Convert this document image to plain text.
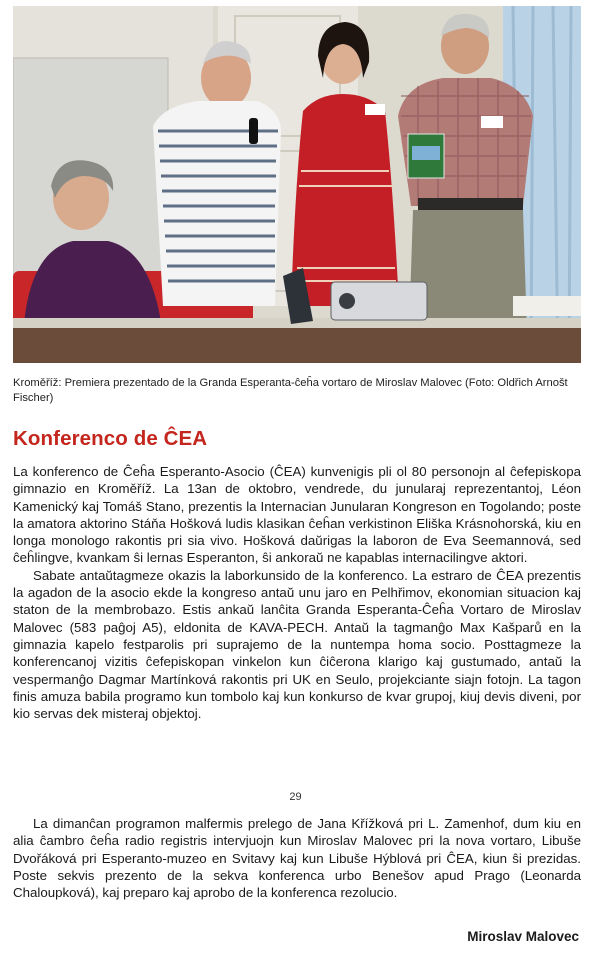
Kroměříž: Premiera prezentado de la Granda Esperanta-ĉeĥa vortaro de Miroslav Malovec (Foto: Oldřich Arnošt Fischer)
Konferenco de ĈEA

La konferenco de Ĉeĥa Esperanto-Asocio (ĈEA) kunvenigis pli ol 80 personojn al ĉefepiskopa gimnazio en Kroměříž. La 13an de oktobro, vendrede, du junularaj reprezentantoj, Léon Kamenický kaj Tomáš Stano, prezentis la Internacian Junularan Kongreson en Togolando; poste la amatora aktorino Stáňa Hošková ludis klasikan ĉeĥan verkistinon Eliška Krásnohorská, kiu en longa monologo rakontis pri sia vivo. Hošková daŭrigas la laboron de Eva Seemannová, sed ĉeĥlingve, kvankam ŝi lernas Esperanton, ŝi ankoraŭ ne kapablas internacilingve aktori.

Sabate antaŭtagmeze okazis la laborkunsido de la konferenco. La estraro de ĈEA prezentis la agadon de la asocio ekde la kongreso antaŭ unu jaro en Pelhřimov, ekonomian situacion kaj staton de la membrobazo. Estis ankaŭ lanĉita Granda Esperanta-Ĉeĥa Vortaro de Miroslav Malovec (583 paĝoj A5), eldonita de KAVA-PECH. Antaŭ la tagmanĝo Max Kašparů en la gimnazia kapelo festparolis pri suprajemo de la nuntempa homa socio. Posttagmeze la konferencanoj vizitis ĉefepiskopan vinkelon kun ĉiĉerona klarigo kaj gustumado, antaŭ la vespermanĝo Dagmar Martínková rakontis pri UK en Seulo, projekciante siajn fotojn. La tagon finis amuza babila programo kun tombolo kaj kun konkurso de kvar grupoj, kiuj devis diveni, por kio servas dek misteraj objektoj.

29

La dimanĉan programon malfermis prelego de Jana Křížková pri L. Zamenhof, dum kiu en alia ĉambro ĉeĥa radio registris intervjuojn kun Miroslav Malovec pri la nova vortaro, Libuše Dvořáková pri Esperanto-muzeo en Svitavy kaj kun Libuše Hýblová pri ĈEA, kiun ŝi prezidas. Poste sekvis prezento de la sekva konferenca urbo Benešov apud Prago (Leonarda Chaloupková), kaj preparo kaj aprobo de la konferenca rezolucio.

Miroslav Malovec
